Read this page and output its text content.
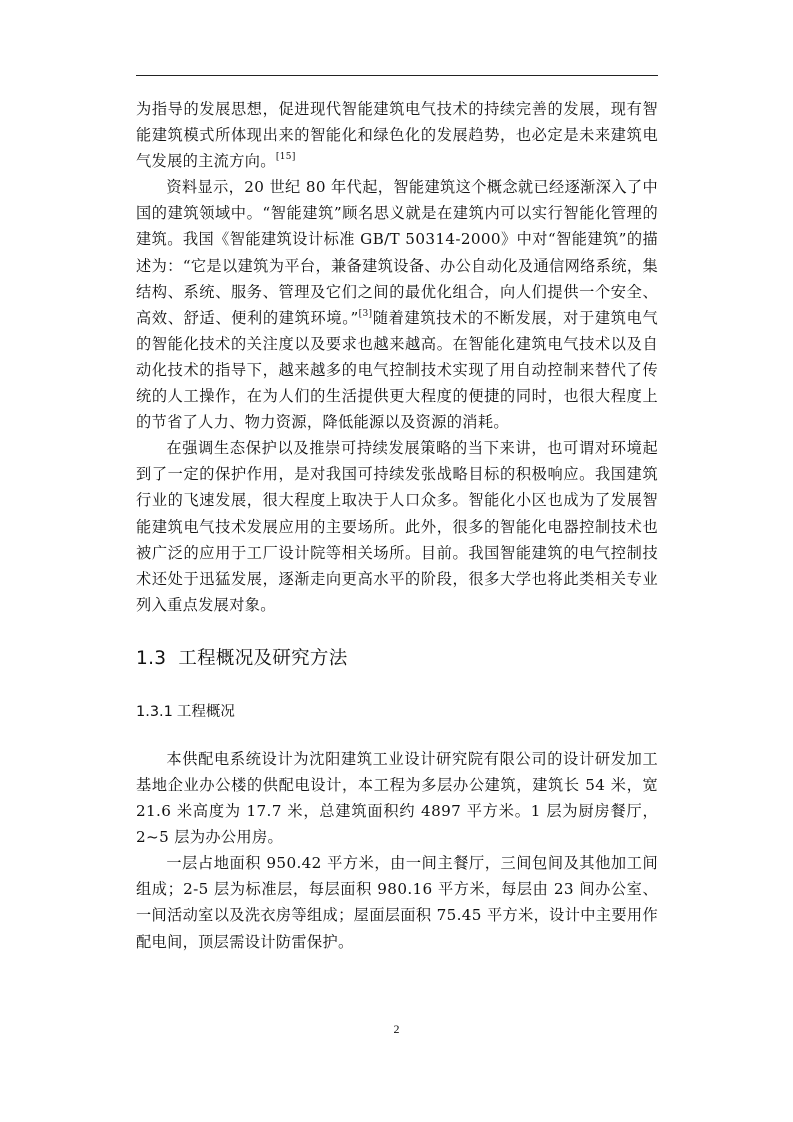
为指导的发展思想，促进现代智能建筑电气技术的持续完善的发展，现有智能建筑模式所体现出来的智能化和绿色化的发展趋势，也必定是未来建筑电气发展的主流方向。[15]

资料显示，20 世纪 80 年代起，智能建筑这个概念就已经逐渐深入了中国的建筑领域中。“智能建筑”顾名思义就是在建筑内可以实行智能化管理的建筑。我国《智能建筑设计标准 GB/T 50314-2000》中对“智能建筑”的描述为：“它是以建筑为平台，兼备建筑设备、办公自动化及通信网络系统，集结构、系统、服务、管理及它们之间的最优化组合，向人们提供一个安全、高效、舒适、便利的建筑环境。”[3]随着建筑技术的不断发展，对于建筑电气的智能化技术的关注度以及要求也越来越高。在智能化建筑电气技术以及自动化技术的指导下，越来越多的电气控制技术实现了用自动控制来替代了传统的人工操作，在为人们的生活提供更大程度的便捷的同时，也很大程度上的节省了人力、物力资源，降低能源以及资源的消耗。

在强调生态保护以及推崇可持续发展策略的当下来讲，也可谓对环境起到了一定的保护作用，是对我国可持续发张战略目标的积极响应。我国建筑行业的飞速发展，很大程度上取决于人口众多。智能化小区也成为了发展智能建筑电气技术发展应用的主要场所。此外，很多的智能化电器控制技术也被广泛的应用于工厂设计院等相关场所。目前。我国智能建筑的电气控制技术还处于迅猛发展，逐渐走向更高水平的阶段，很多大学也将此类相关专业列入重点发展对象。

1.3 工程概况及研究方法
1.3.1 工程概况

本供配电系统设计为沈阳建筑工业设计研究院有限公司的设计研发加工基地企业办公楼的供配电设计，本工程为多层办公建筑，建筑长 54 米，宽 21.6 米高度为 17.7 米，总建筑面积约 4897 平方米。1 层为厨房餐厅，2~5 层为办公用房。

一层占地面积 950.42 平方米，由一间主餐厅，三间包间及其他加工间组成；2-5 层为标准层，每层面积 980.16 平方米，每层由 23 间办公室、一间活动室以及洗衣房等组成；屋面层面积 75.45 平方米，设计中主要用作配电间，顶层需设计防雷保护。

2
